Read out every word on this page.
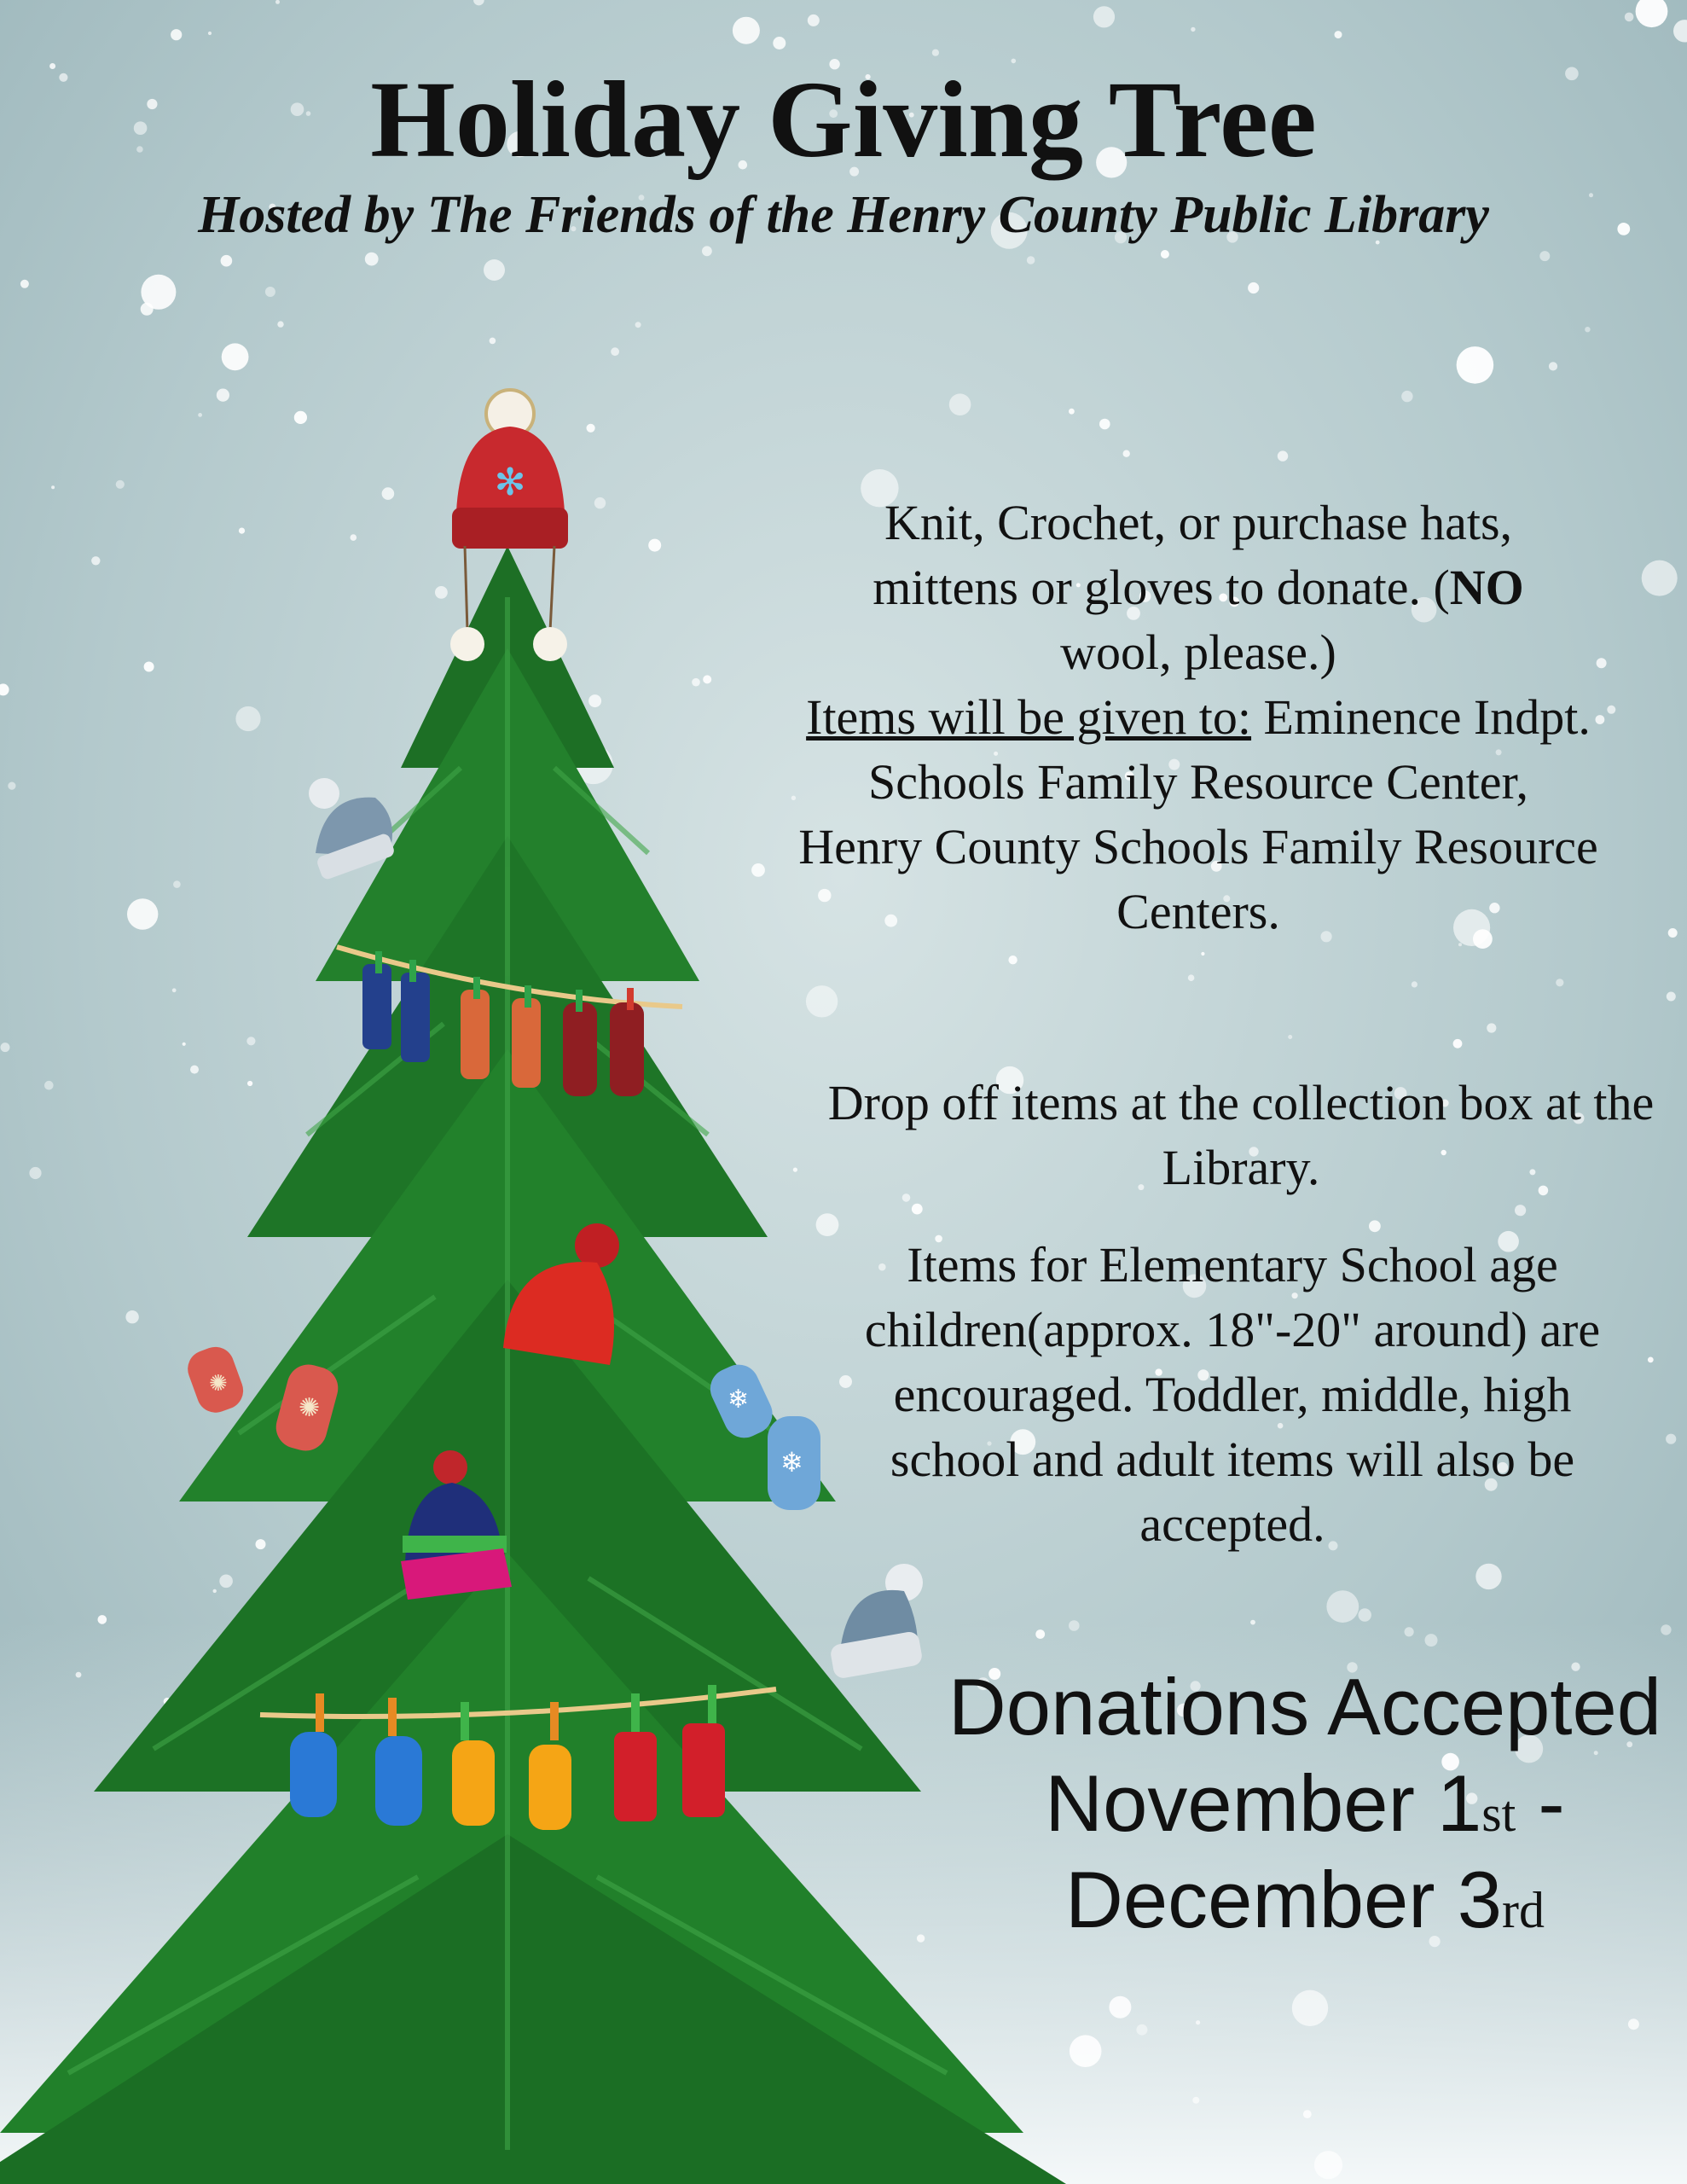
✻
✺
✺	❄
❄
Holiday Giving Tree
Hosted by The Friends of the Henry County Public Library
Knit, Crochet, or purchase hats,
mittens or gloves to donate. (NO
wool, please.)
Items will be given to: Eminence Indpt. Schools Family Resource Center,
Henry County Schools Family Resource Centers.
Drop off items at the collection box at the Library.
Items for Elementary School age children(approx. 18"-20" around) are encouraged. Toddler, middle, high school and adult items will also be accepted.
Donations Accepted
November 1st -
December 3rd
